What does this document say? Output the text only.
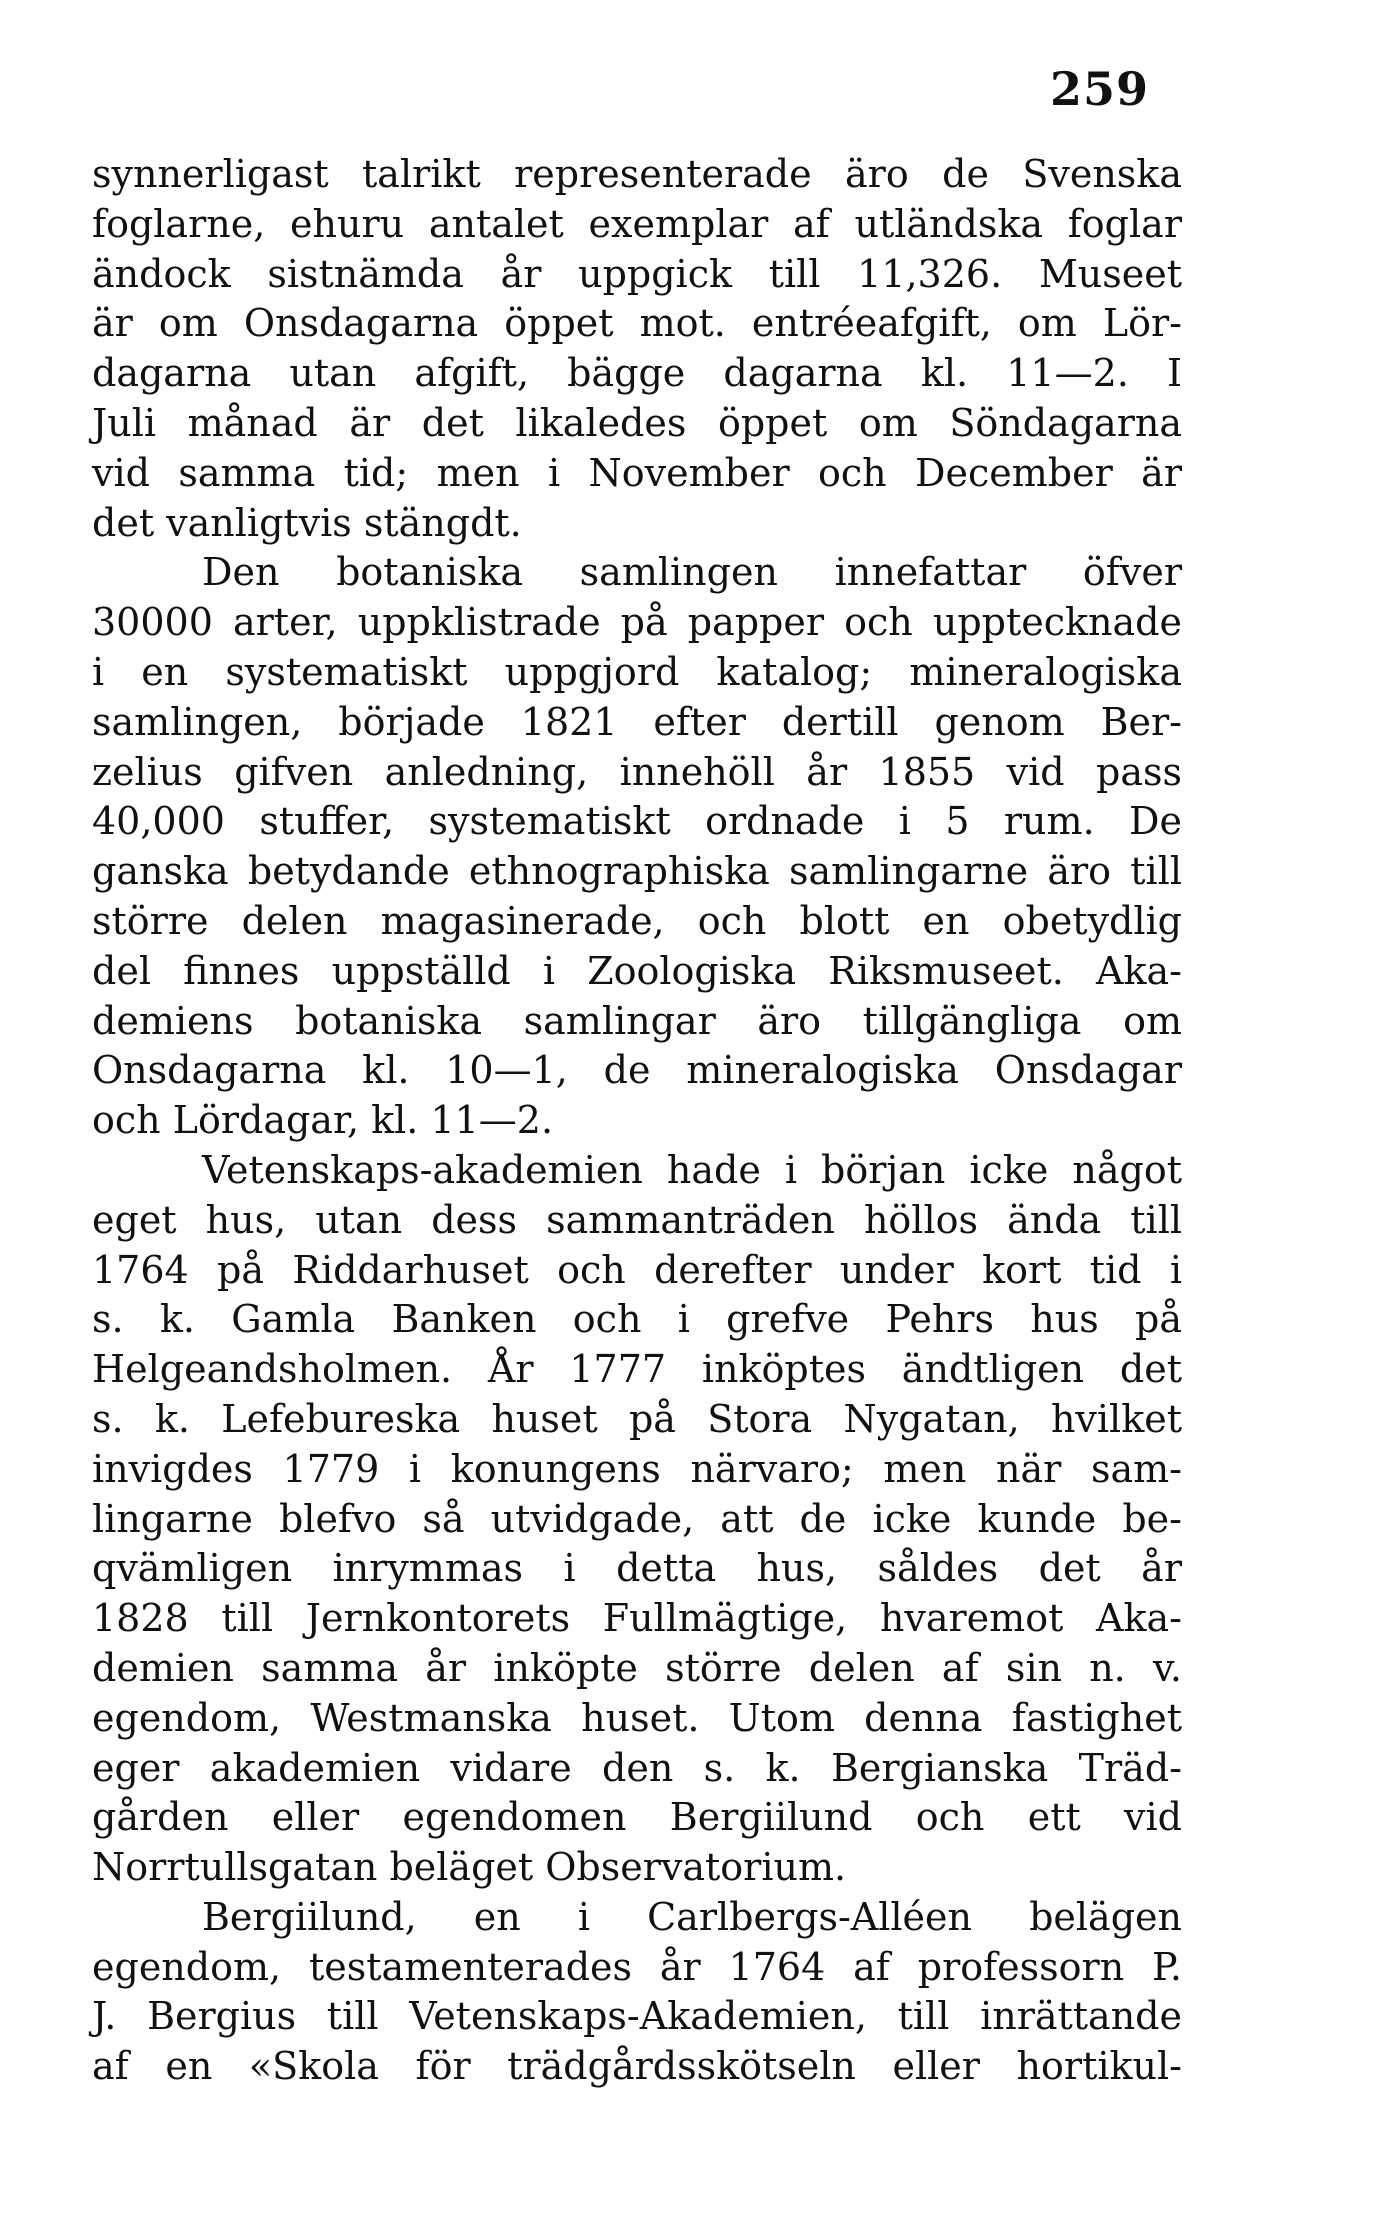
259
synnerligast talrikt representerade äro de Svenska
foglarne, ehuru antalet exemplar af utländska foglar
ändock sistnämda år uppgick till 11,326. Museet
är om Onsdagarna öppet mot. entréeafgift, om Lör-
dagarna utan afgift, bägge dagarna kl. 11—2. I
Juli månad är det likaledes öppet om Söndagarna
vid samma tid; men i November och December är
det vanligtvis stängdt.
Den botaniska samlingen innefattar öfver
30000 arter, uppklistrade på papper och upptecknade
i en systematiskt uppgjord katalog; mineralogiska
samlingen, började 1821 efter dertill genom Ber-
zelius gifven anledning, innehöll år 1855 vid pass
40,000 stuffer, systematiskt ordnade i 5 rum. De
ganska betydande ethnographiska samlingarne äro till
större delen magasinerade, och blott en obetydlig
del finnes uppställd i Zoologiska Riksmuseet. Aka-
demiens botaniska samlingar äro tillgängliga om
Onsdagarna kl. 10—1, de mineralogiska Onsdagar
och Lördagar, kl. 11—2.
Vetenskaps-akademien hade i början icke något
eget hus, utan dess sammanträden höllos ända till
1764 på Riddarhuset och derefter under kort tid i
s. k. Gamla Banken och i grefve Pehrs hus på
Helgeandsholmen. År 1777 inköptes ändtligen det
s. k. Lefebureska huset på Stora Nygatan, hvilket
invigdes 1779 i konungens närvaro; men när sam-
lingarne blefvo så utvidgade, att de icke kunde be-
qvämligen inrymmas i detta hus, såldes det år
1828 till Jernkontorets Fullmägtige, hvaremot Aka-
demien samma år inköpte större delen af sin n. v.
egendom, Westmanska huset. Utom denna fastighet
eger akademien vidare den s. k. Bergianska Träd-
gården eller egendomen Bergiilund och ett vid
Norrtullsgatan beläget Observatorium.
Bergiilund, en i Carlbergs-Alléen belägen
egendom, testamenterades år 1764 af professorn P.
J. Bergius till Vetenskaps-Akademien, till inrättande
af en «Skola för trädgårdsskötseln eller hortikul-
